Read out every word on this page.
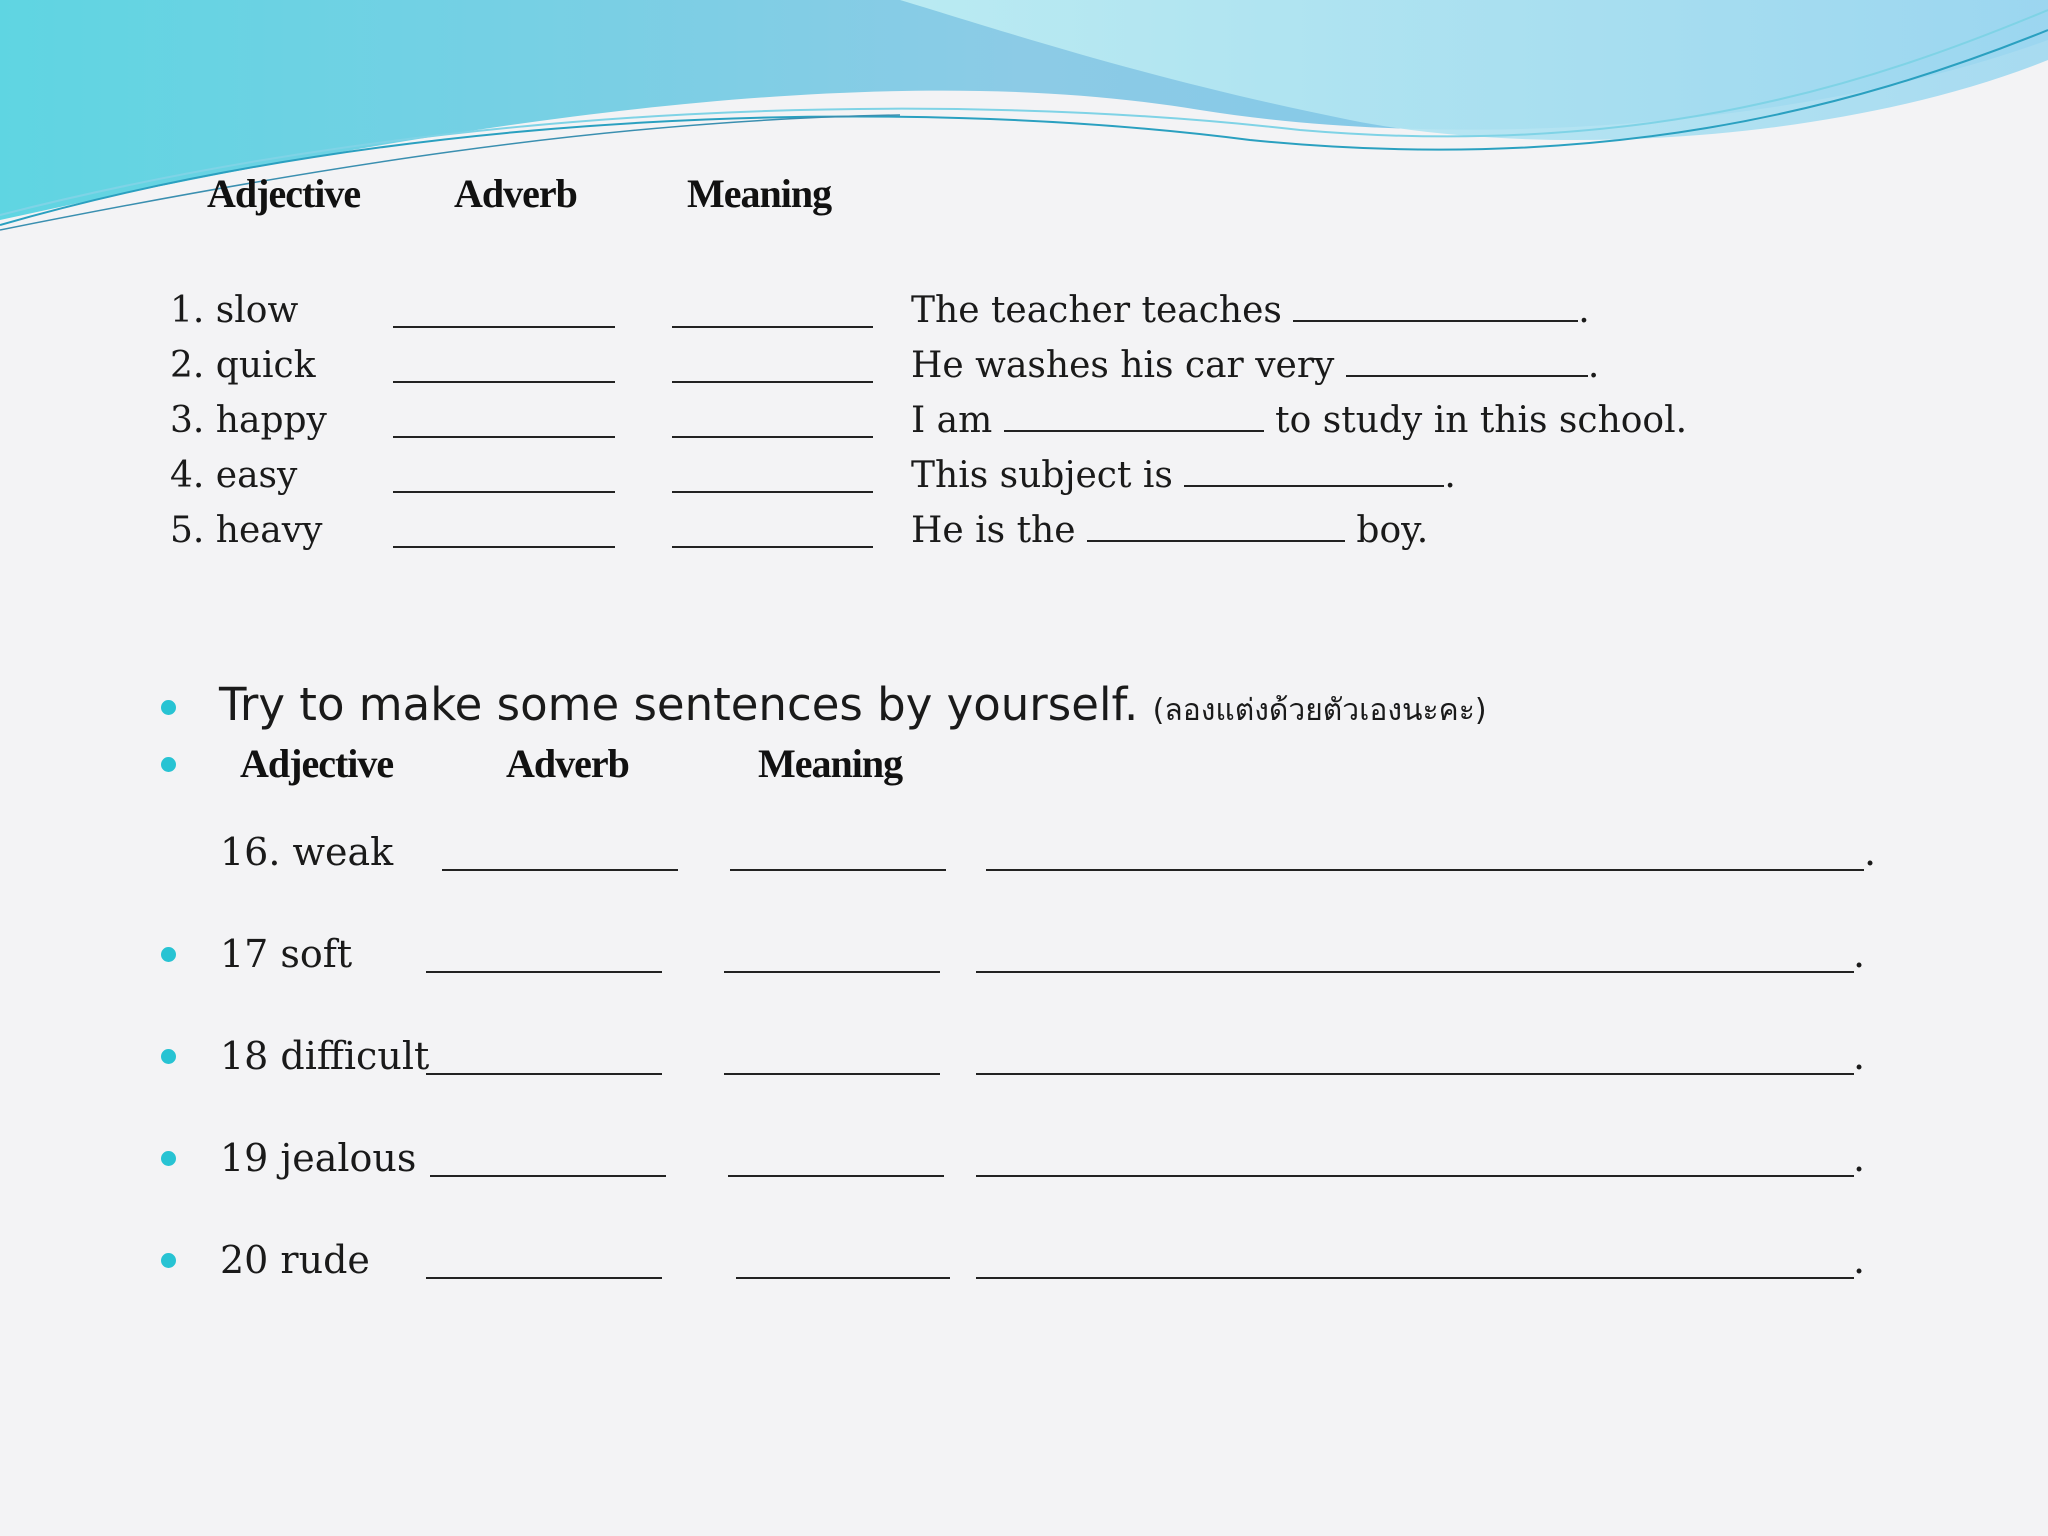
Adjective Adverb	Meaning
1. slow	The teacher teaches	.
2. quick	He washes his car very	.
3. happy	I am	to study in this school.
4. easy	This subject is	.
5. heavy	He is the	boy.
Try to make some sentences by yourself. (ลองแต่งด้วยตัวเองนะคะ)
Adjective	Adverb	Meaning
16. weak	.
17 soft	.
18 difficult	.
19 jealous	.
20 rude	.
